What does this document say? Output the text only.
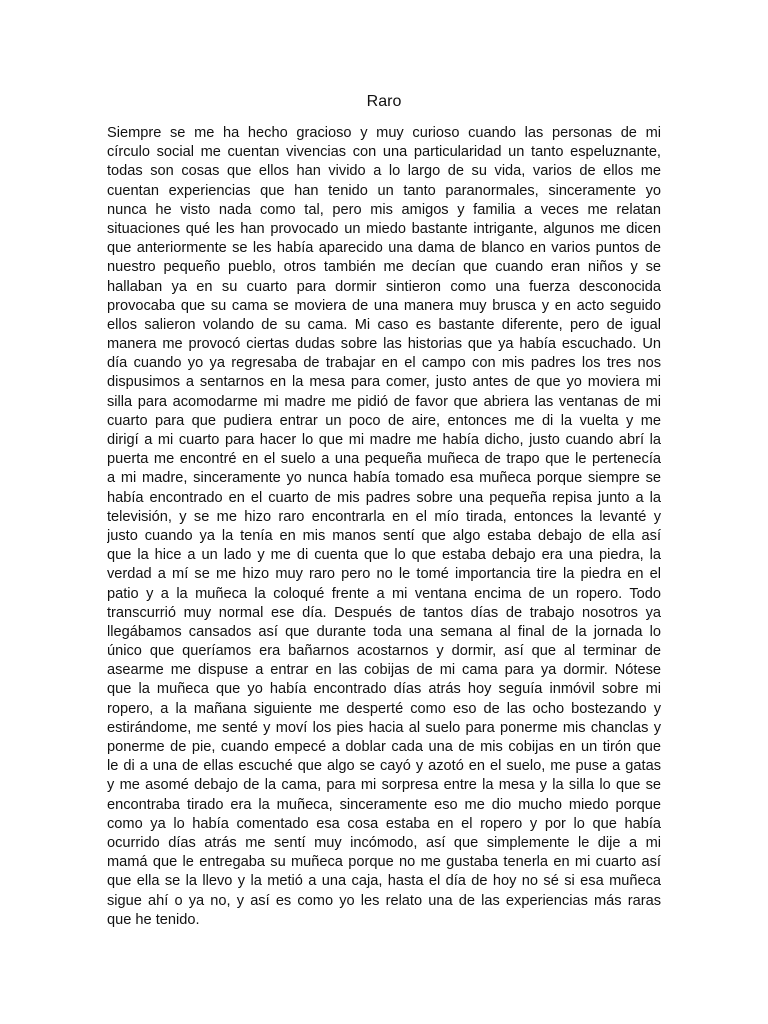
Raro
Siempre se me ha hecho gracioso y muy curioso cuando las personas de mi
círculo social me cuentan vivencias con una particularidad un tanto espeluznante,
todas son cosas que ellos han vivido a lo largo de su vida, varios de ellos me
cuentan experiencias que han tenido un tanto paranormales, sinceramente yo
nunca he visto nada como tal, pero mis amigos y familia a veces me relatan
situaciones qué les han provocado un miedo bastante intrigante, algunos me dicen
que anteriormente se les había aparecido una dama de blanco en varios puntos de
nuestro pequeño pueblo, otros también me decían que cuando eran niños y se
hallaban ya en su cuarto para dormir sintieron como una fuerza desconocida
provocaba que su cama se moviera de una manera muy brusca y en acto seguido
ellos salieron volando de su cama. Mi caso es bastante diferente, pero de igual
manera me provocó ciertas dudas sobre las historias que ya había escuchado. Un
día cuando yo ya regresaba de trabajar en el campo con mis padres los tres nos
dispusimos a sentarnos en la mesa para comer, justo antes de que yo moviera mi
silla para acomodarme mi madre me pidió de favor que abriera las ventanas de mi
cuarto para que pudiera entrar un poco de aire, entonces me di la vuelta y me
dirigí a mi cuarto para hacer lo que mi madre me había dicho, justo cuando abrí la
puerta me encontré en el suelo a una pequeña muñeca de trapo que le pertenecía
a mi madre, sinceramente yo nunca había tomado esa muñeca porque siempre se
había encontrado en el cuarto de mis padres sobre una pequeña repisa junto a la
televisión, y se me hizo raro encontrarla en el mío tirada, entonces la levanté y
justo cuando ya la tenía en mis manos sentí que algo estaba debajo de ella así
que la hice a un lado y me di cuenta que lo que estaba debajo era una piedra, la
verdad a mí se me hizo muy raro pero no le tomé importancia tire la piedra en el
patio y a la muñeca la coloqué frente a mi ventana encima de un ropero. Todo
transcurrió muy normal ese día. Después de tantos días de trabajo nosotros ya
llegábamos cansados así que durante toda una semana al final de la jornada lo
único que queríamos era bañarnos acostarnos y dormir, así que al terminar de
asearme me dispuse a entrar en las cobijas de mi cama para ya dormir. Nótese
que la muñeca que yo había encontrado días atrás hoy seguía inmóvil sobre mi
ropero, a la mañana siguiente me desperté como eso de las ocho bostezando y
estirándome, me senté y moví los pies hacia al suelo para ponerme mis chanclas y
ponerme de pie, cuando empecé a doblar cada una de mis cobijas en un tirón que
le di a una de ellas escuché que algo se cayó y azotó en el suelo, me puse a gatas
y me asomé debajo de la cama, para mi sorpresa entre la mesa y la silla lo que se
encontraba tirado era la muñeca, sinceramente eso me dio mucho miedo porque
como ya lo había comentado esa cosa estaba en el ropero y por lo que había
ocurrido días atrás me sentí muy incómodo, así que simplemente le dije a mi
mamá que le entregaba su muñeca porque no me gustaba tenerla en mi cuarto así
que ella se la llevo y la metió a una caja, hasta el día de hoy no sé si esa muñeca
sigue ahí o ya no, y así es como yo les relato una de las experiencias más raras
que he tenido.
